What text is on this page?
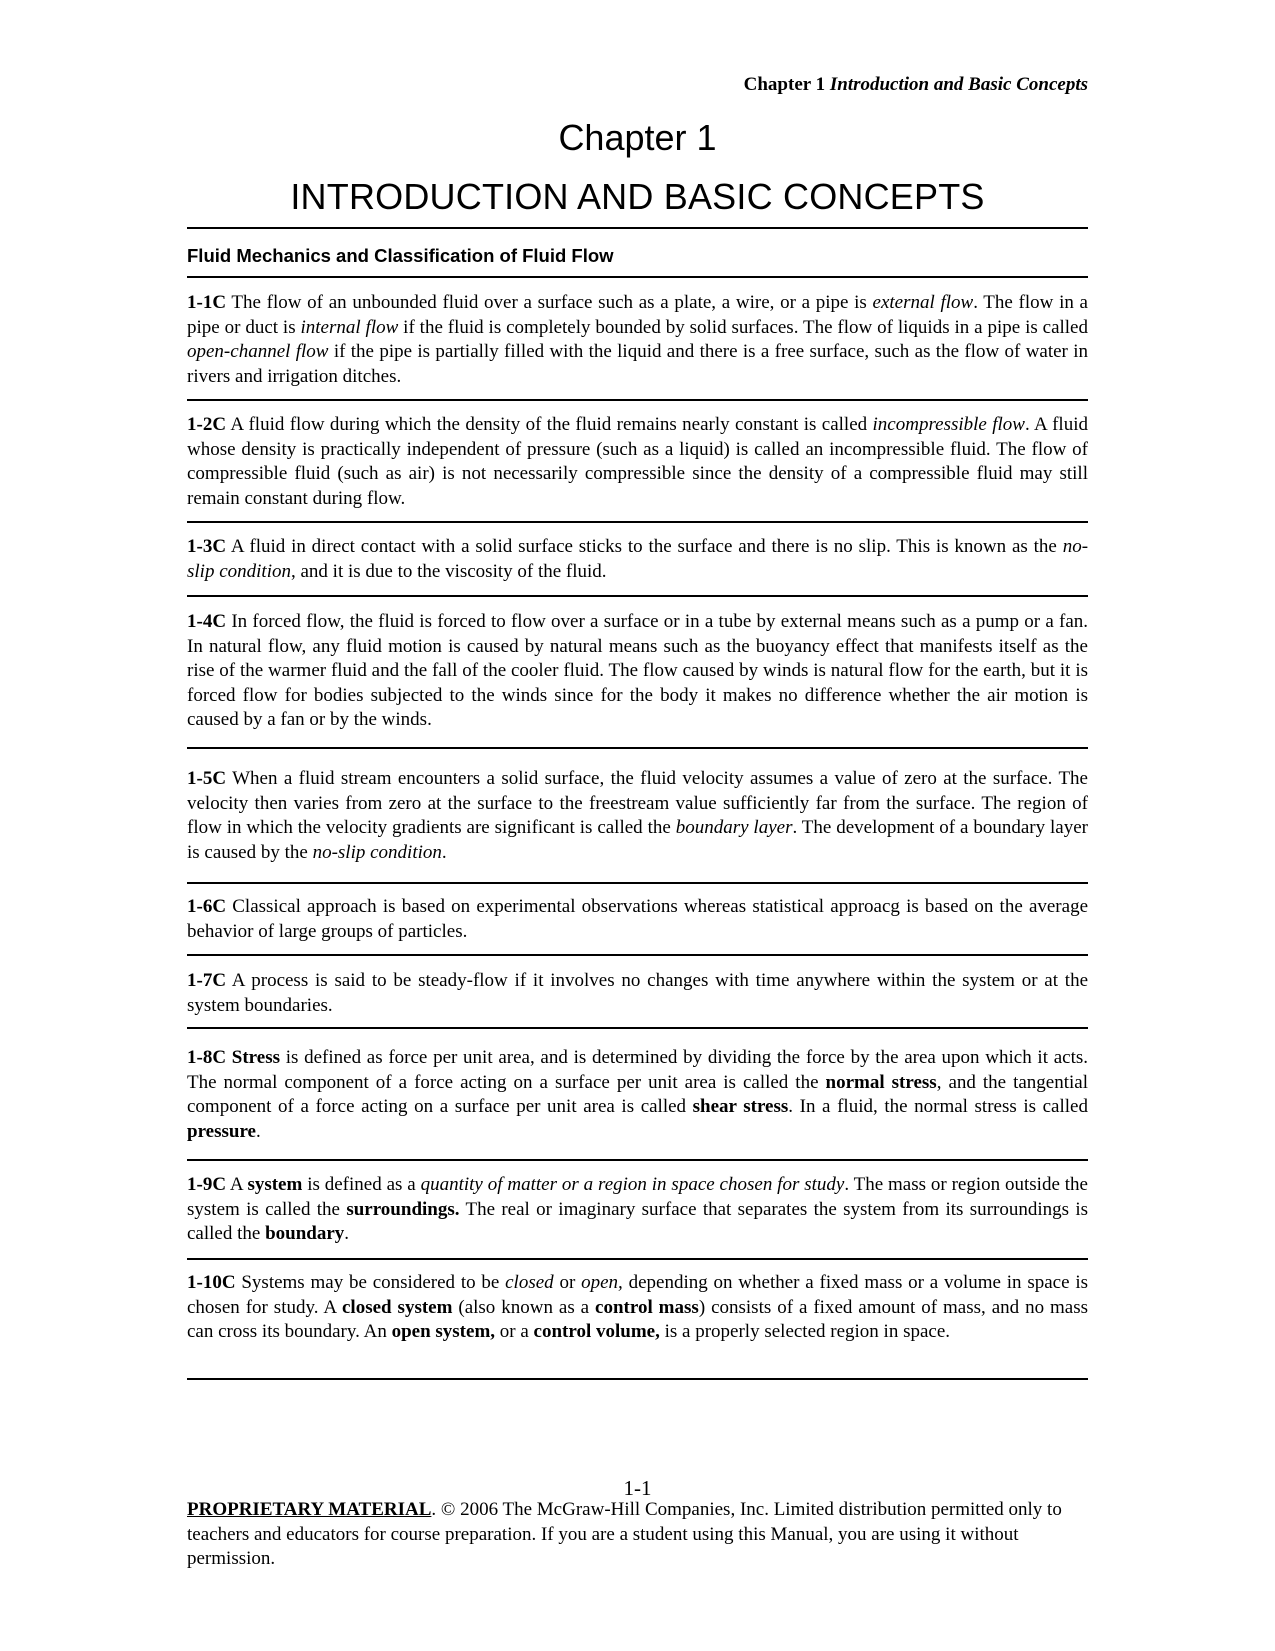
Chapter 1 Introduction and Basic Concepts
Chapter 1
INTRODUCTION AND BASIC CONCEPTS
Fluid Mechanics and Classification of Fluid Flow
1-1C The flow of an unbounded fluid over a surface such as a plate, a wire, or a pipe is external flow. The flow in a pipe or duct is internal flow if the fluid is completely bounded by solid surfaces. The flow of liquids in a pipe is called open-channel flow if the pipe is partially filled with the liquid and there is a free surface, such as the flow of water in rivers and irrigation ditches.
1-2C A fluid flow during which the density of the fluid remains nearly constant is called incompressible flow. A fluid whose density is practically independent of pressure (such as a liquid) is called an incompressible fluid. The flow of compressible fluid (such as air) is not necessarily compressible since the density of a compressible fluid may still remain constant during flow.
1-3C A fluid in direct contact with a solid surface sticks to the surface and there is no slip. This is known as the no-slip condition, and it is due to the viscosity of the fluid.
1-4C In forced flow, the fluid is forced to flow over a surface or in a tube by external means such as a pump or a fan. In natural flow, any fluid motion is caused by natural means such as the buoyancy effect that manifests itself as the rise of the warmer fluid and the fall of the cooler fluid. The flow caused by winds is natural flow for the earth, but it is forced flow for bodies subjected to the winds since for the body it makes no difference whether the air motion is caused by a fan or by the winds.
1-5C When a fluid stream encounters a solid surface, the fluid velocity assumes a value of zero at the surface. The velocity then varies from zero at the surface to the freestream value sufficiently far from the surface. The region of flow in which the velocity gradients are significant is called the boundary layer. The development of a boundary layer is caused by the no-slip condition.
1-6C Classical approach is based on experimental observations whereas statistical approacg is based on the average behavior of large groups of particles.
1-7C A process is said to be steady-flow if it involves no changes with time anywhere within the system or at the system boundaries.
1-8C Stress is defined as force per unit area, and is determined by dividing the force by the area upon which it acts. The normal component of a force acting on a surface per unit area is called the normal stress, and the tangential component of a force acting on a surface per unit area is called shear stress. In a fluid, the normal stress is called pressure.
1-9C A system is defined as a quantity of matter or a region in space chosen for study. The mass or region outside the system is called the surroundings. The real or imaginary surface that separates the system from its surroundings is called the boundary.
1-10C Systems may be considered to be closed or open, depending on whether a fixed mass or a volume in space is chosen for study. A closed system (also known as a control mass) consists of a fixed amount of mass, and no mass can cross its boundary. An open system, or a control volume, is a properly selected region in space.
1-1
PROPRIETARY MATERIAL. © 2006 The McGraw-Hill Companies, Inc. Limited distribution permitted only to teachers and educators for course preparation. If you are a student using this Manual, you are using it without permission.
